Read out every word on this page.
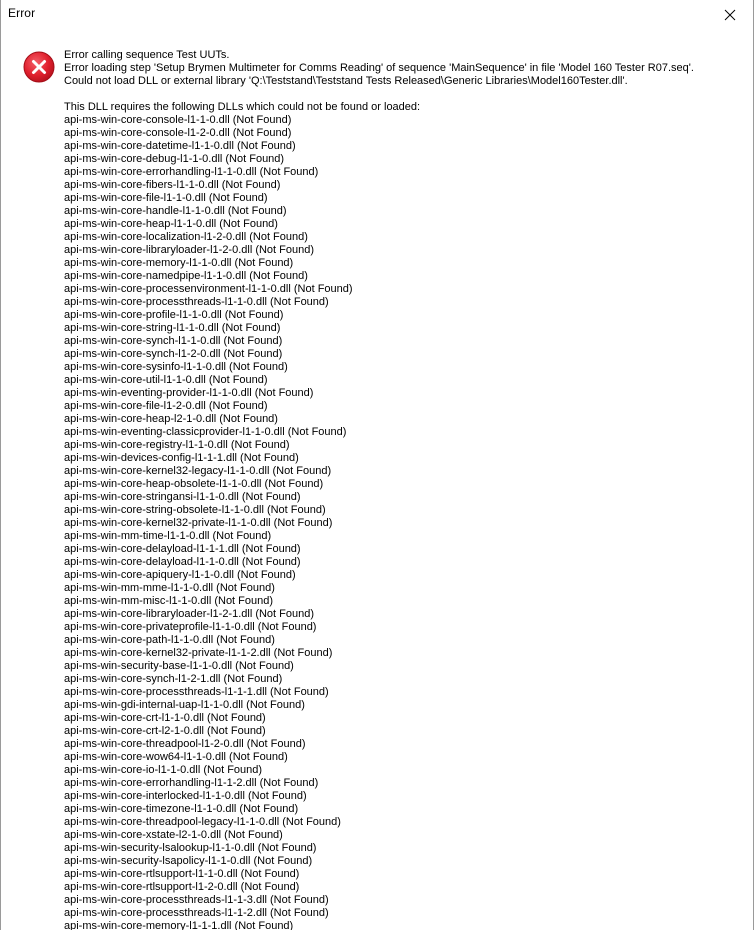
Error
Error calling sequence Test UUTs.
Error loading step 'Setup Brymen Multimeter for Comms Reading' of sequence 'MainSequence' in file 'Model 160 Tester R07.seq'.
Could not load DLL or external library 'Q:\Teststand\Teststand Tests Released\Generic Libraries\Model160Tester.dll'.
This DLL requires the following DLLs which could not be found or loaded:
api-ms-win-core-console-l1-1-0.dll (Not Found)
api-ms-win-core-console-l1-2-0.dll (Not Found)
api-ms-win-core-datetime-l1-1-0.dll (Not Found)
api-ms-win-core-debug-l1-1-0.dll (Not Found)
api-ms-win-core-errorhandling-l1-1-0.dll (Not Found)
api-ms-win-core-fibers-l1-1-0.dll (Not Found)
api-ms-win-core-file-l1-1-0.dll (Not Found)
api-ms-win-core-handle-l1-1-0.dll (Not Found)
api-ms-win-core-heap-l1-1-0.dll (Not Found)
api-ms-win-core-localization-l1-2-0.dll (Not Found)
api-ms-win-core-libraryloader-l1-2-0.dll (Not Found)
api-ms-win-core-memory-l1-1-0.dll (Not Found)
api-ms-win-core-namedpipe-l1-1-0.dll (Not Found)
api-ms-win-core-processenvironment-l1-1-0.dll (Not Found)
api-ms-win-core-processthreads-l1-1-0.dll (Not Found)
api-ms-win-core-profile-l1-1-0.dll (Not Found)
api-ms-win-core-string-l1-1-0.dll (Not Found)
api-ms-win-core-synch-l1-1-0.dll (Not Found)
api-ms-win-core-synch-l1-2-0.dll (Not Found)
api-ms-win-core-sysinfo-l1-1-0.dll (Not Found)
api-ms-win-core-util-l1-1-0.dll (Not Found)
api-ms-win-eventing-provider-l1-1-0.dll (Not Found)
api-ms-win-core-file-l1-2-0.dll (Not Found)
api-ms-win-core-heap-l2-1-0.dll (Not Found)
api-ms-win-eventing-classicprovider-l1-1-0.dll (Not Found)
api-ms-win-core-registry-l1-1-0.dll (Not Found)
api-ms-win-devices-config-l1-1-1.dll (Not Found)
api-ms-win-core-kernel32-legacy-l1-1-0.dll (Not Found)
api-ms-win-core-heap-obsolete-l1-1-0.dll (Not Found)
api-ms-win-core-stringansi-l1-1-0.dll (Not Found)
api-ms-win-core-string-obsolete-l1-1-0.dll (Not Found)
api-ms-win-core-kernel32-private-l1-1-0.dll (Not Found)
api-ms-win-mm-time-l1-1-0.dll (Not Found)
api-ms-win-core-delayload-l1-1-1.dll (Not Found)
api-ms-win-core-delayload-l1-1-0.dll (Not Found)
api-ms-win-core-apiquery-l1-1-0.dll (Not Found)
api-ms-win-mm-mme-l1-1-0.dll (Not Found)
api-ms-win-mm-misc-l1-1-0.dll (Not Found)
api-ms-win-core-libraryloader-l1-2-1.dll (Not Found)
api-ms-win-core-privateprofile-l1-1-0.dll (Not Found)
api-ms-win-core-path-l1-1-0.dll (Not Found)
api-ms-win-core-kernel32-private-l1-1-2.dll (Not Found)
api-ms-win-security-base-l1-1-0.dll (Not Found)
api-ms-win-core-synch-l1-2-1.dll (Not Found)
api-ms-win-core-processthreads-l1-1-1.dll (Not Found)
api-ms-win-gdi-internal-uap-l1-1-0.dll (Not Found)
api-ms-win-core-crt-l1-1-0.dll (Not Found)
api-ms-win-core-crt-l2-1-0.dll (Not Found)
api-ms-win-core-threadpool-l1-2-0.dll (Not Found)
api-ms-win-core-wow64-l1-1-0.dll (Not Found)
api-ms-win-core-io-l1-1-0.dll (Not Found)
api-ms-win-core-errorhandling-l1-1-2.dll (Not Found)
api-ms-win-core-interlocked-l1-1-0.dll (Not Found)
api-ms-win-core-timezone-l1-1-0.dll (Not Found)
api-ms-win-core-threadpool-legacy-l1-1-0.dll (Not Found)
api-ms-win-core-xstate-l2-1-0.dll (Not Found)
api-ms-win-security-lsalookup-l1-1-0.dll (Not Found)
api-ms-win-security-lsapolicy-l1-1-0.dll (Not Found)
api-ms-win-core-rtlsupport-l1-1-0.dll (Not Found)
api-ms-win-core-rtlsupport-l1-2-0.dll (Not Found)
api-ms-win-core-processthreads-l1-1-3.dll (Not Found)
api-ms-win-core-processthreads-l1-1-2.dll (Not Found)
api-ms-win-core-memory-l1-1-1.dll (Not Found)
